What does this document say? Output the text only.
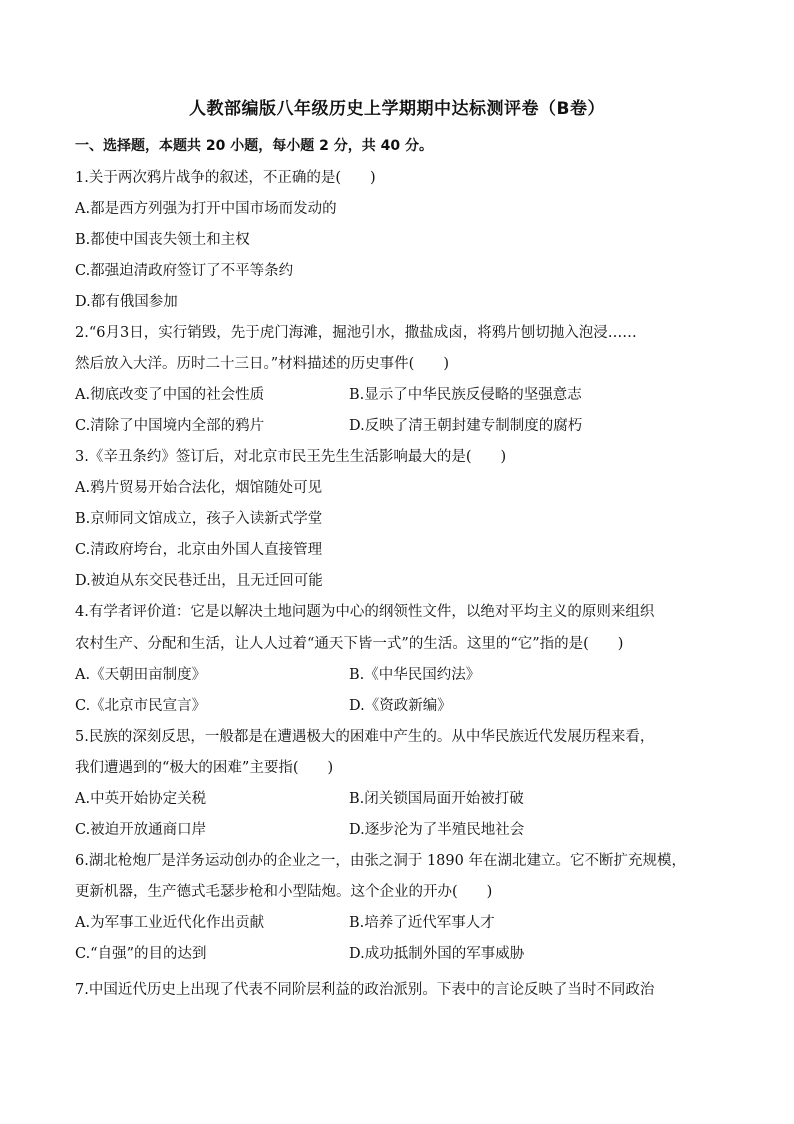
人教部编版八年级历史上学期期中达标测评卷（B卷）
一、选择题，本题共 20 小题，每小题 2 分，共 40 分。
1.关于两次鸦片战争的叙述，不正确的是(　　)
A.都是西方列强为打开中国市场而发动的
B.都使中国丧失领土和主权
C.都强迫清政府签订了不平等条约
D.都有俄国参加
2.“6月3日，实行销毁，先于虎门海滩，掘池引水，撒盐成卤，将鸦片刨切抛入泡浸……
然后放入大洋。历时二十三日。”材料描述的历史事件(　　)
A.彻底改变了中国的社会性质	B.显示了中华民族反侵略的坚强意志
C.清除了中国境内全部的鸦片	D.反映了清王朝封建专制制度的腐朽
3.《辛丑条约》签订后，对北京市民王先生生活影响最大的是(　　)
A.鸦片贸易开始合法化，烟馆随处可见
B.京师同文馆成立，孩子入读新式学堂
C.清政府垮台，北京由外国人直接管理
D.被迫从东交民巷迁出，且无迁回可能
4.有学者评价道：它是以解决土地问题为中心的纲领性文件，以绝对平均主义的原则来组织
农村生产、分配和生活，让人人过着“通天下皆一式”的生活。这里的“它”指的是(　　)
A.《天朝田亩制度》	B.《中华民国约法》
C.《北京市民宣言》	D.《资政新编》
5.民族的深刻反思，一般都是在遭遇极大的困难中产生的。从中华民族近代发展历程来看，
我们遭遇到的“极大的困难”主要指(　　)
A.中英开始协定关税	B.闭关锁国局面开始被打破
C.被迫开放通商口岸	D.逐步沦为了半殖民地社会
6.湖北枪炮厂是洋务运动创办的企业之一，由张之洞于 1890 年在湖北建立。它不断扩充规模，
更新机器，生产德式毛瑟步枪和小型陆炮。这个企业的开办(　　)
A.为军事工业近代化作出贡献	B.培养了近代军事人才
C.“自强”的目的达到	D.成功抵制外国的军事威胁
7.中国近代历史上出现了代表不同阶层利益的政治派别。下表中的言论反映了当时不同政治
